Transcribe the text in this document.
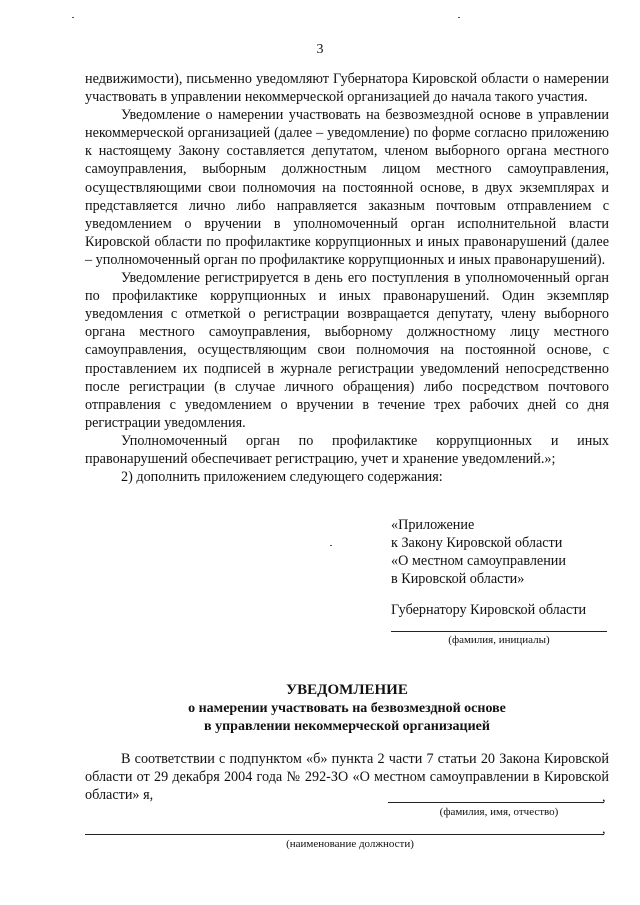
3

недвижимости), письменно уведомляют Губернатора Кировской области о намерении участвовать в управлении некоммерческой организацией до начала такого участия.

Уведомление о намерении участвовать на безвозмездной основе в управлении некоммерческой организацией (далее – уведомление) по форме согласно приложению к настоящему Закону составляется депутатом, членом выборного органа местного самоуправления, выборным должностным лицом местного самоуправления, осуществляющими свои полномочия на постоянной основе, в двух экземплярах и представляется лично либо направляется заказным почтовым отправлением с уведомлением о вручении в уполномоченный орган исполнительной власти Кировской области по профилактике коррупционных и иных правонарушений (далее – уполномоченный орган по профилактике коррупционных и иных правонарушений).

Уведомление регистрируется в день его поступления в уполномоченный орган по профилактике коррупционных и иных правонарушений. Один экземпляр уведомления с отметкой о регистрации возвращается депутату, члену выборного органа местного самоуправления, выборному должностному лицу местного самоуправления, осуществляющим свои полномочия на постоянной основе, с проставлением их подписей в журнале регистрации уведомлений непосредственно после регистрации (в случае личного обращения) либо посредством почтового отправления с уведомлением о вручении в течение трех рабочих дней со дня регистрации уведомления.

Уполномоченный орган по профилактике коррупционных и иных правонарушений обеспечивает регистрацию, учет и хранение уведомлений.»;

2) дополнить приложением следующего содержания:

«Приложение
к Закону Кировской области
«О местном самоуправлении
в Кировской области»
Губернатору Кировской области
(фамилия, инициалы)
УВЕДОМЛЕНИЕ
о намерении участвовать на безвозмездной основе
в управлении некоммерческой организацией

В соответствии с подпунктом «б» пункта 2 части 7 статьи 20 Закона Кировской области от 29 декабря 2004 года № 292-ЗО «О местном самоуправлении в Кировской области» я,	,
(фамилия, имя, отчество)
,
(наименование должности)
